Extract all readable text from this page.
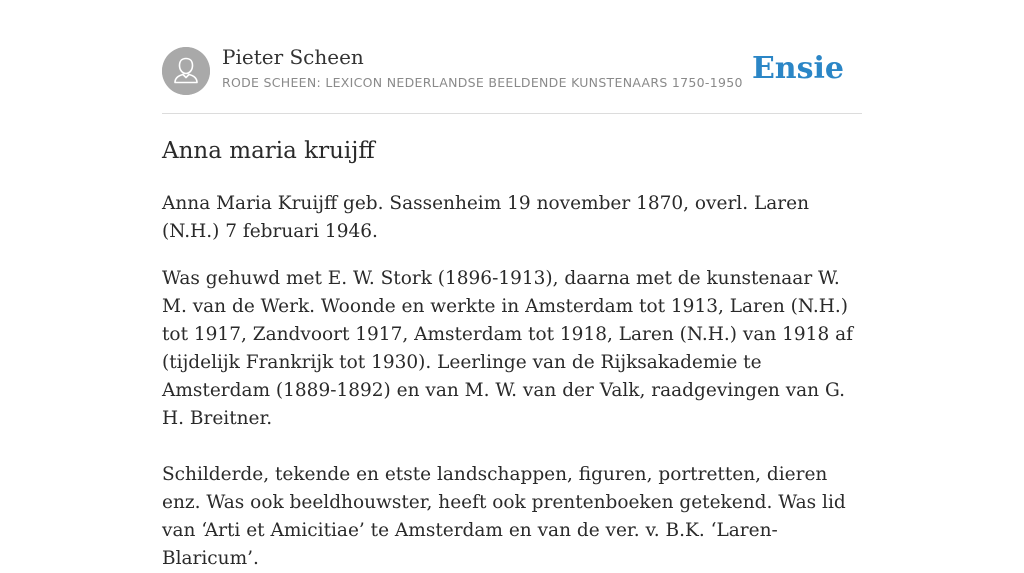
Pieter Scheen
RODE SCHEEN: LEXICON NEDERLANDSE BEELDENDE KUNSTENAARS 1750-1950 Ensie
Anna maria kruijff

Anna Maria Kruijff geb. Sassenheim 19 november 1870, overl. Laren (N.H.) 7 februari 1946.

Was gehuwd met E. W. Stork (1896-1913), daarna met de kunstenaar W. M. van de Werk. Woonde en werkte in Amsterdam tot 1913, Laren (N.H.) tot 1917, Zandvoort 1917, Amsterdam tot 1918, Laren (N.H.) van 1918 af (tijdelijk Frankrijk tot 1930). Leerlinge van de Rijksakademie te Amsterdam (1889-1892) en van M. W. van der Valk, raadgevingen van G. H. Breitner.

Schilderde, tekende en etste landschappen, figuren, portretten, dieren enz. Was ook beeldhouwster, heeft ook prentenboeken getekend. Was lid van ‘Arti et Amicitiae’ te Amsterdam en van de ver. v. B.K. ‘Laren-Blaricum’.
